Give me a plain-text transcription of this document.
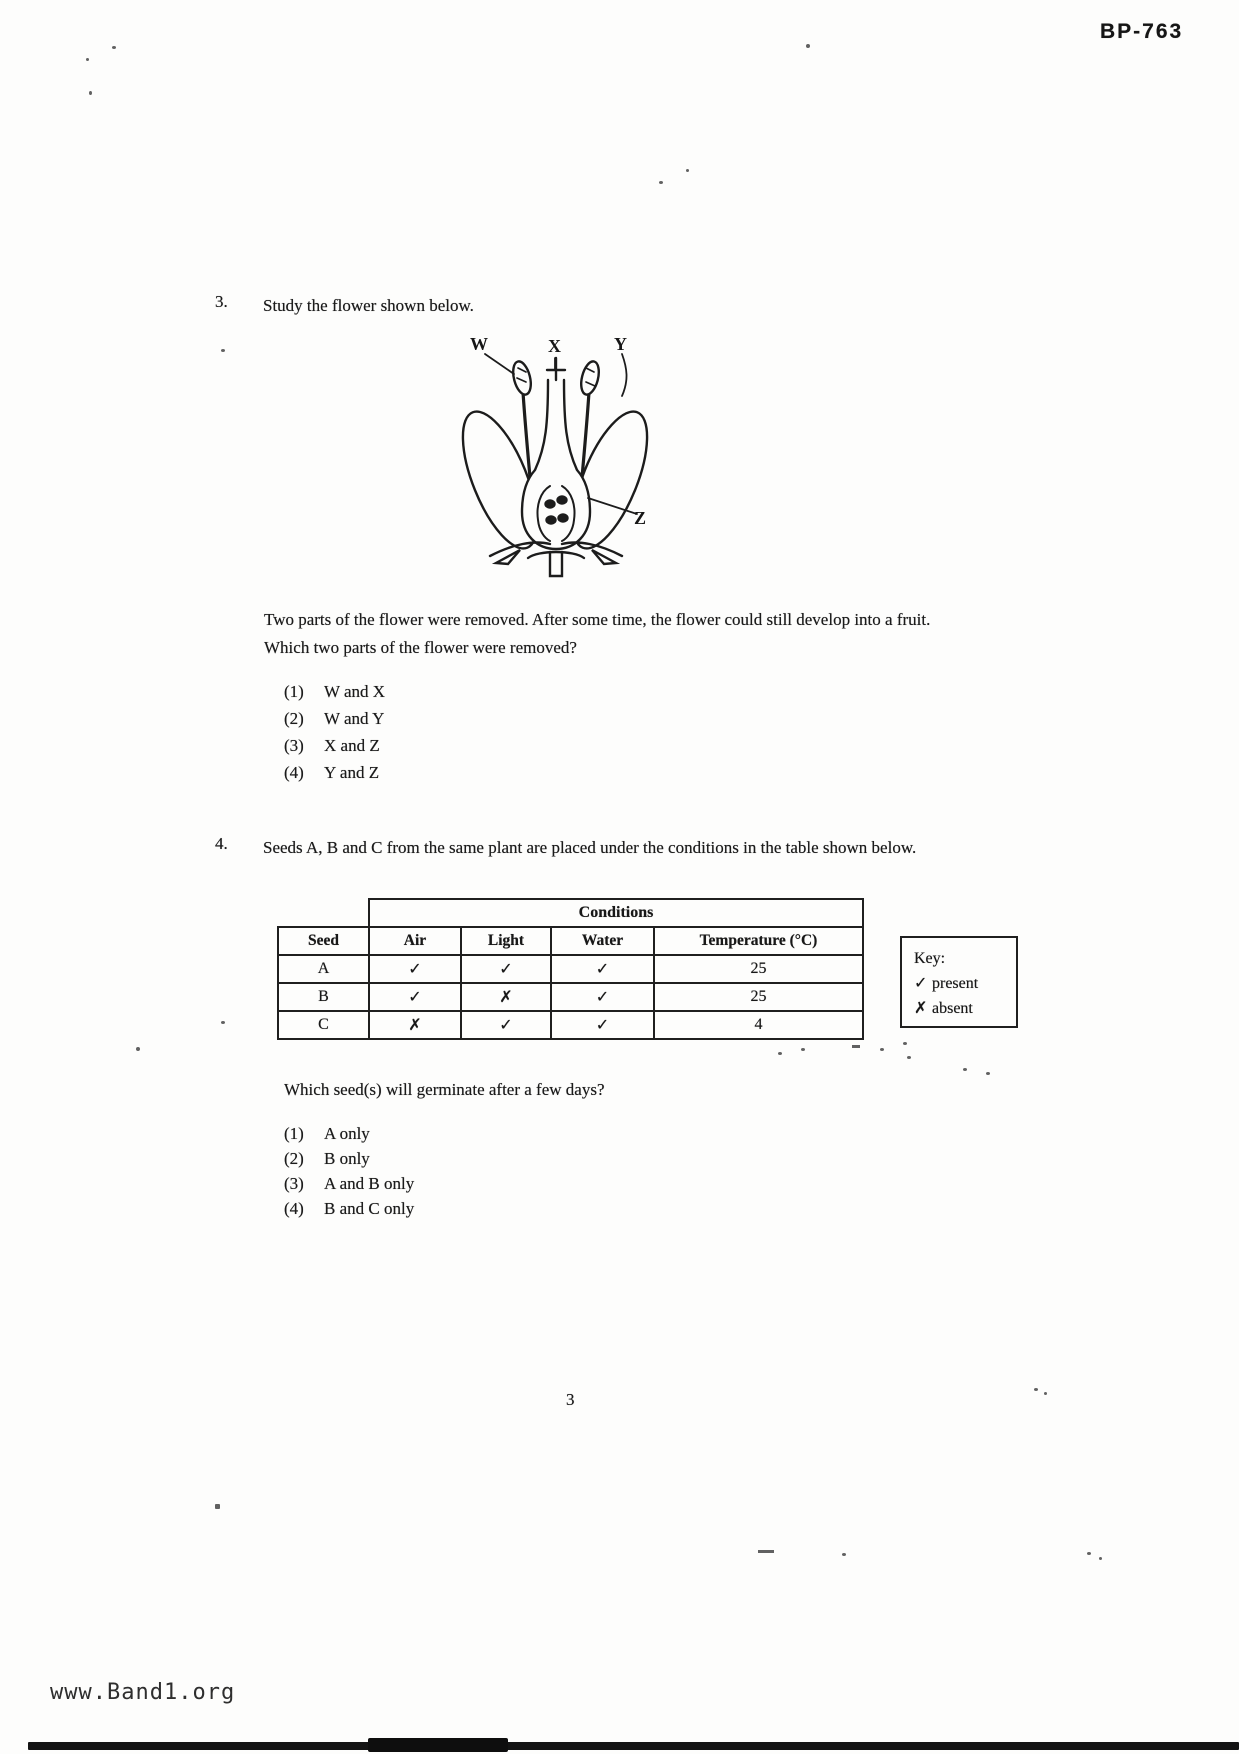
BP-763
3. Study the flower shown below.
W	X	Y
Z
Two parts of the flower were removed. After some time, the flower could still develop into a fruit. Which two parts of the flower were removed?
(1)	W and X
(2)	W and Y
(3)	X and Z
(4)	Y and Z
4. Seeds A, B and C from the same plant are placed under the conditions in the table shown below.
	Conditions			
Seed	Air	Light	Water	Temperature (°C)
A	✓	✓	✓	25
B	✓	✗	✓	25
C	✗	✓	✓	4
Key:
✓ present
✗ absent
Which seed(s) will germinate after a few days?
(1)	A only
(2)	B only
(3)	A and B only
(4)	B and C only
3
www.Band1.org
